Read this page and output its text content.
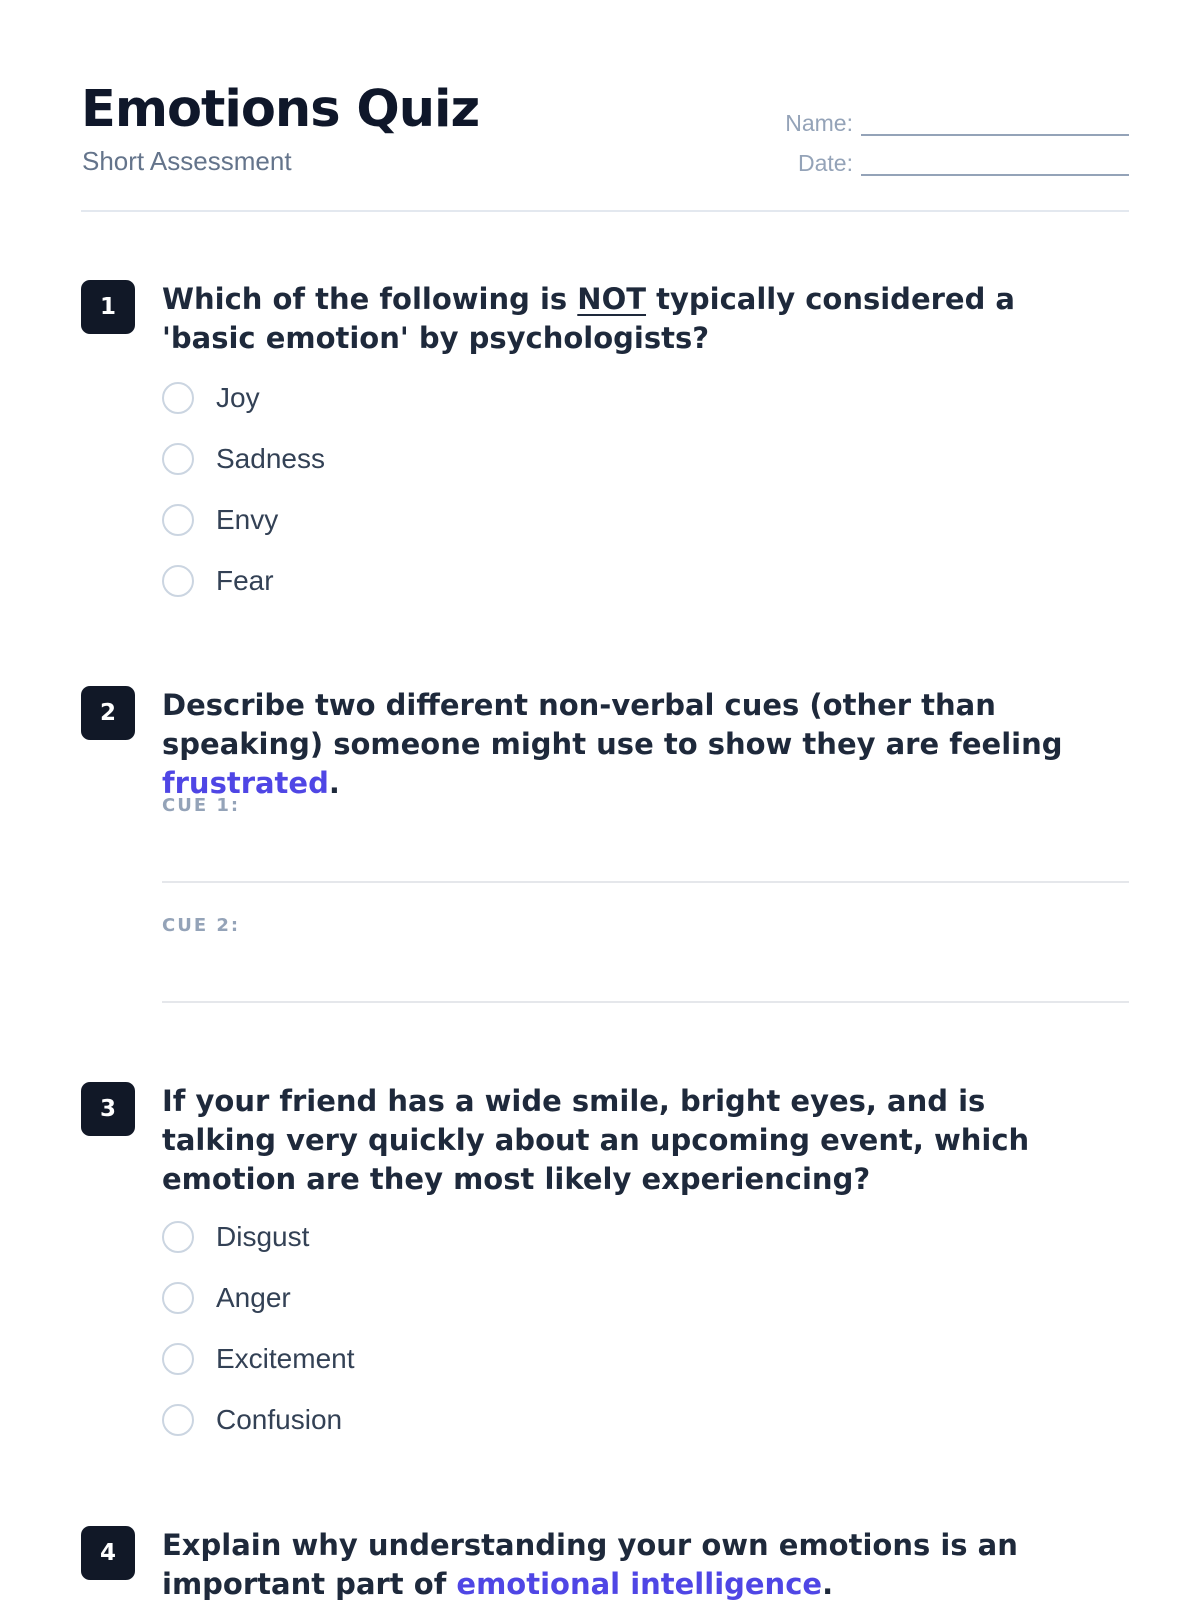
Emotions Quiz
Short Assessment
Name:
Date:
1	Which of the following is NOT typically considered a 'basic emotion' by psychologists?
Joy
Sadness
Envy
Fear
2	Describe two different non-verbal cues (other than speaking) someone might use to show they are feeling frustrated.
CUE 1:
CUE 2:
3	If your friend has a wide smile, bright eyes, and is talking very quickly about an upcoming event, which emotion are they most likely experiencing?
Disgust
Anger
Excitement
Confusion
4	Explain why understanding your own emotions is an important part of emotional intelligence.
